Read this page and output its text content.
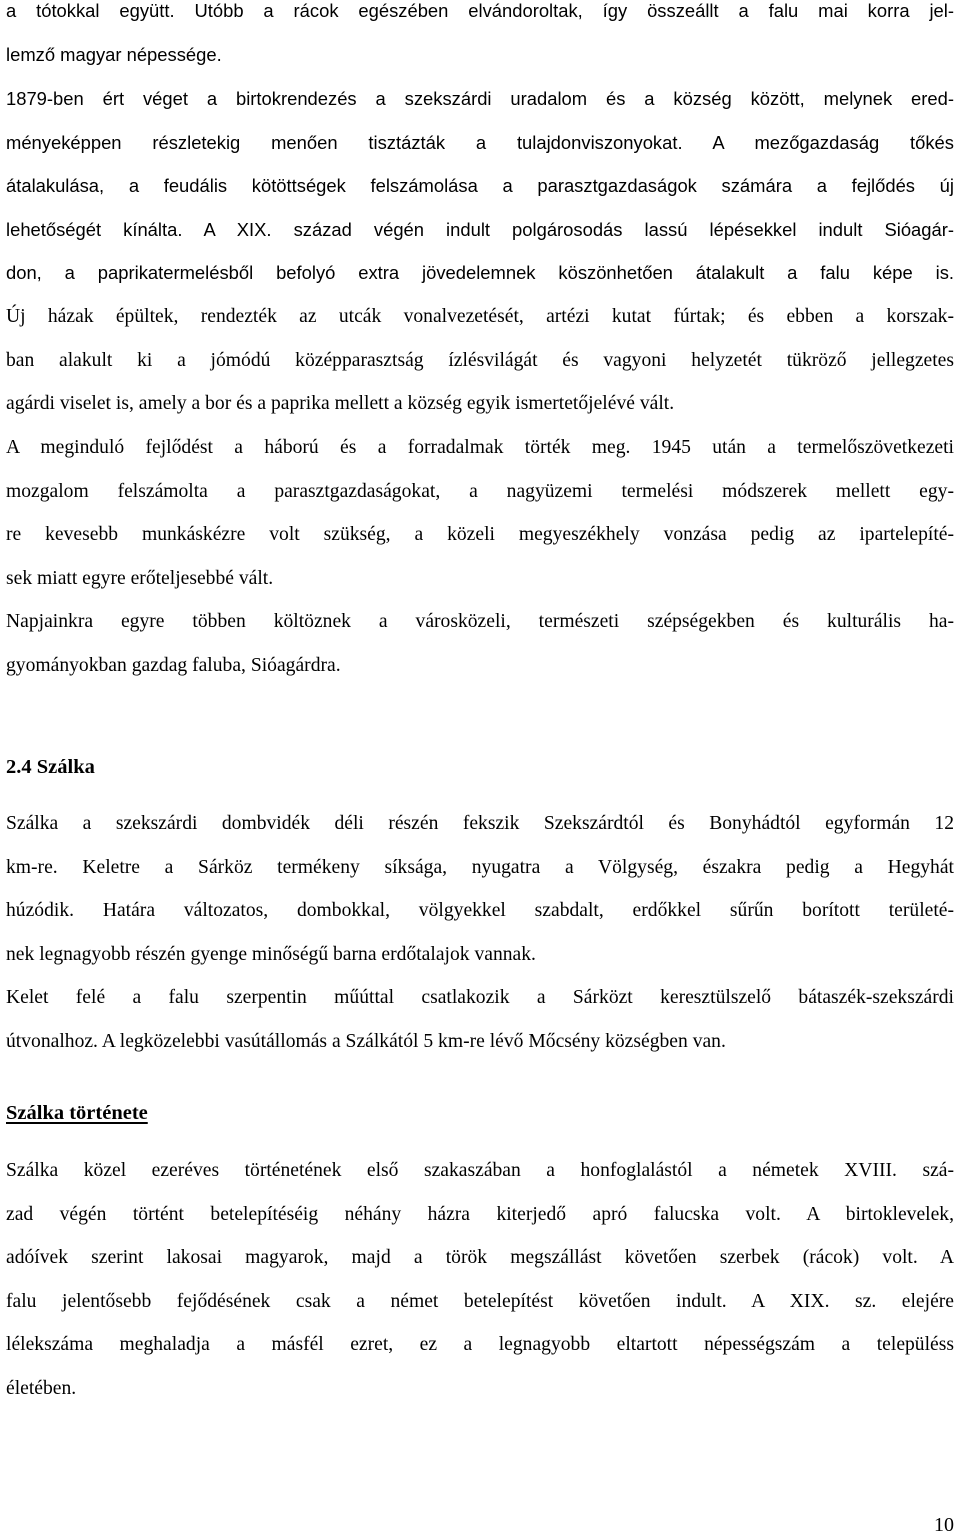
a tótokkal együtt. Utóbb a rácok egészében elvándoroltak, így összeállt a falu mai korra jel-
lemző magyar népessége.
1879-ben ért véget a birtokrendezés a szekszárdi uradalom és a község között, melynek ered-
ményeképpen részletekig menően tisztázták a tulajdonviszonyokat. A mezőgazdaság tőkés
átalakulása, a feudális kötöttségek felszámolása a parasztgazdaságok számára a fejlődés új
lehetőségét kínálta. A XIX. század végén indult polgárosodás lassú lépésekkel indult Sióagár-
don, a paprikatermelésből befolyó extra jövedelemnek köszönhetően átalakult a falu képe is.
Új házak épültek, rendezték az utcák vonalvezetését, artézi kutat fúrtak; és ebben a korszak-
ban alakult ki a jómódú középparasztság ízlésvilágát és vagyoni helyzetét tükröző jellegzetes
agárdi viselet is, amely a bor és a paprika mellett a község egyik ismertetőjelévé vált.
A meginduló fejlődést a háború és a forradalmak törték meg. 1945 után a termelőszövetkezeti
mozgalom felszámolta a parasztgazdaságokat, a nagyüzemi termelési módszerek mellett egy-
re kevesebb munkáskézre volt szükség, a közeli megyeszékhely vonzása pedig az ipartelepíté-
sek miatt egyre erőteljesebbé vált.
Napjainkra egyre többen költöznek a városközeli, természeti szépségekben és kulturális ha-
gyományokban gazdag faluba, Sióagárdra.
2.4 Szálka
Szálka a szekszárdi dombvidék déli részén fekszik Szekszárdtól és Bonyhádtól egyformán 12
km-re. Keletre a Sárköz termékeny síksága, nyugatra a Völgység, északra pedig a Hegyhát
húzódik. Határa változatos, dombokkal, völgyekkel szabdalt, erdőkkel sűrűn borított területé-
nek legnagyobb részén gyenge minőségű barna erdőtalajok vannak.
Kelet felé a falu szerpentin műúttal csatlakozik a Sárközt keresztülszelő bátaszék-szekszárdi
útvonalhoz. A legközelebbi vasútállomás a Szálkától 5 km-re lévő Mőcsény községben van.
Szálka története
Szálka közel ezeréves történetének első szakaszában a honfoglalástól a németek XVIII. szá-
zad végén történt betelepítéséig néhány házra kiterjedő apró falucska volt. A birtoklevelek,
adóívek szerint lakosai magyarok, majd a török megszállást követően szerbek (rácok) volt. A
falu jelentősebb fejődésének csak a német betelepítést követően indult. A XIX. sz. elejére
lélekszáma meghaladja a másfél ezret, ez a legnagyobb eltartott népességszám a településs
életében.
10
